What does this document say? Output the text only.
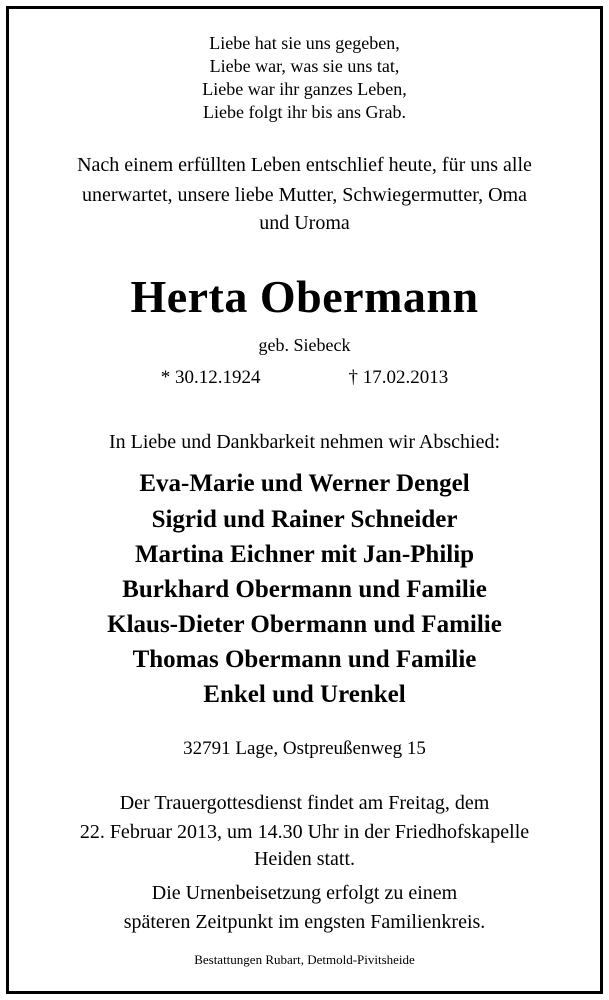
Liebe hat sie uns gegeben,
Liebe war, was sie uns tat,
Liebe war ihr ganzes Leben,
Liebe folgt ihr bis ans Grab.
Nach einem erfüllten Leben entschlief heute, für uns alle
unerwartet, unsere liebe Mutter, Schwiegermutter, Oma
und Uroma
Herta Obermann
geb. Siebeck
* 30.12.1924	† 17.02.2013
In Liebe und Dankbarkeit nehmen wir Abschied:
Eva-Marie und Werner Dengel
Sigrid und Rainer Schneider
Martina Eichner mit Jan-Philip
Burkhard Obermann und Familie
Klaus-Dieter Obermann und Familie
Thomas Obermann und Familie
Enkel und Urenkel
32791 Lage, Ostpreußenweg 15
Der Trauergottesdienst findet am Freitag, dem
22. Februar 2013, um 14.30 Uhr in der Friedhofskapelle
Heiden statt.
Die Urnenbeisetzung erfolgt zu einem
späteren Zeitpunkt im engsten Familienkreis.
Bestattungen Rubart, Detmold-Pivitsheide
